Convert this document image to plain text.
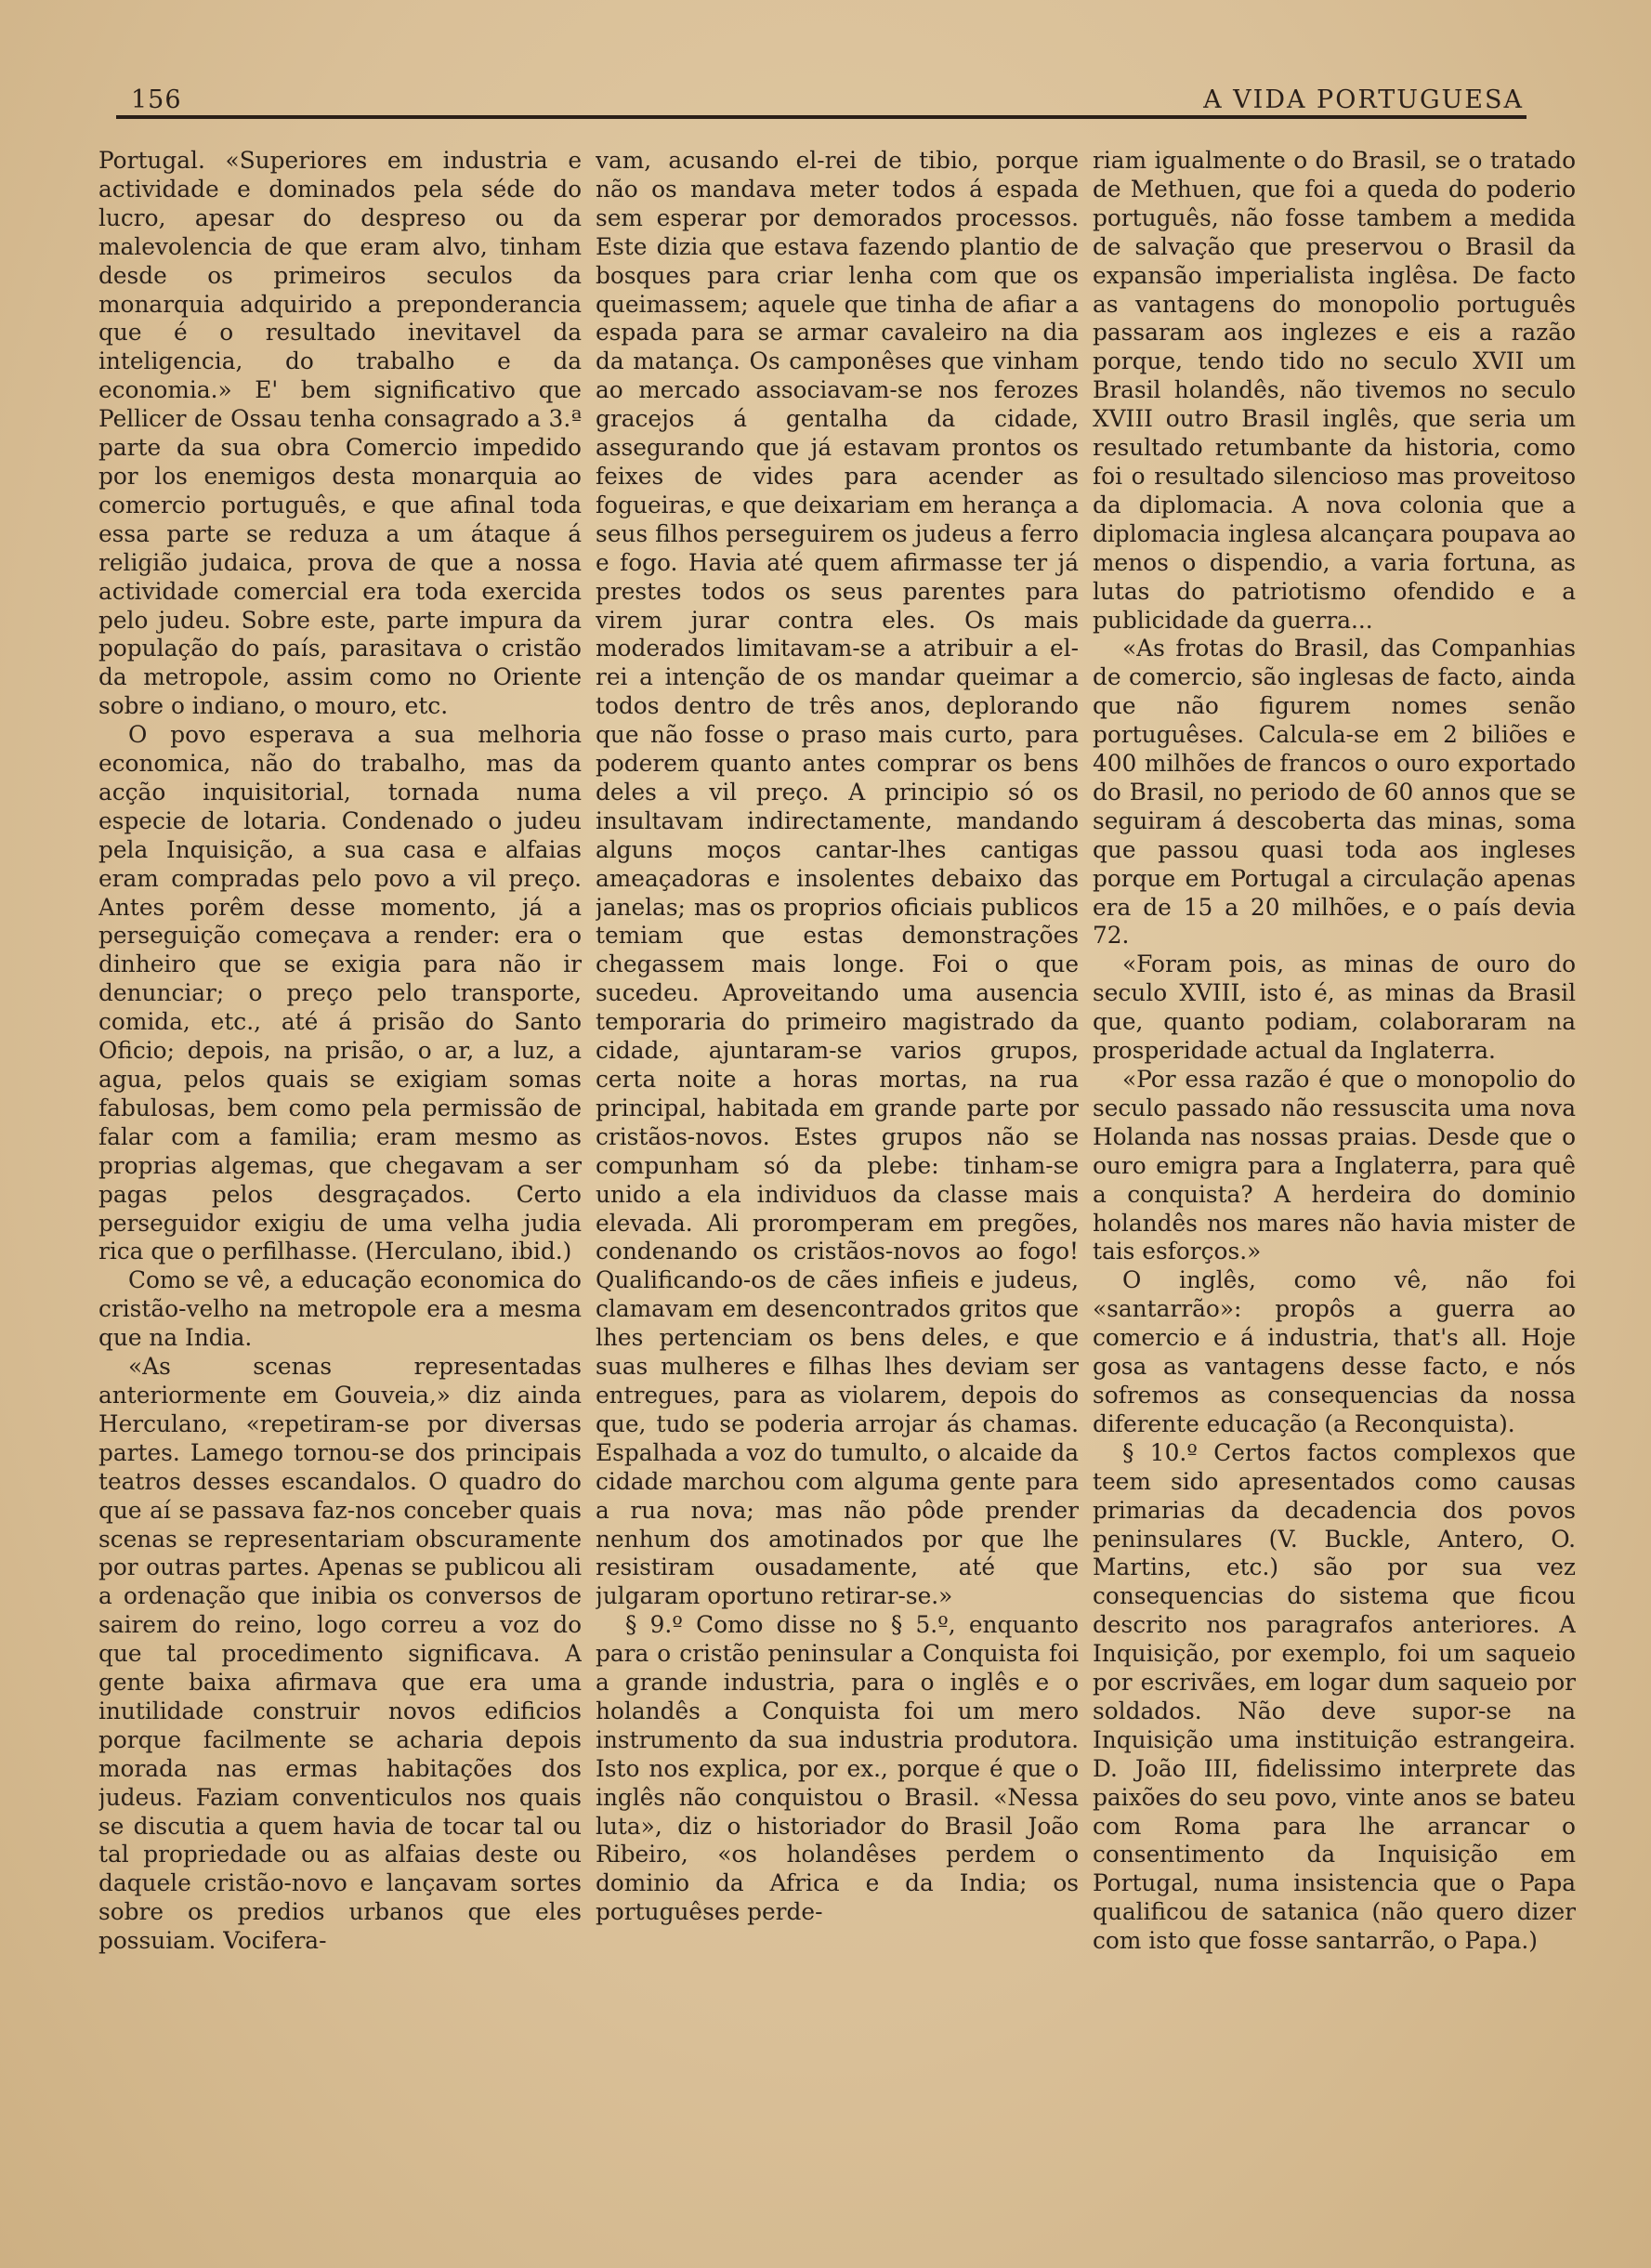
156	A VIDA PORTUGUESA

Portugal. «Superiores em industria e actividade e dominados pela séde do lucro, apesar do despreso ou da malevolencia de que eram alvo, tinham desde os primeiros seculos da monarquia adquirido a preponderancia que é o resultado inevitavel da inteligencia, do trabalho e da economia.» E' bem significativo que Pellicer de Ossau tenha consagrado a 3.ª parte da sua obra Comercio impedido por los enemigos desta monarquia ao comercio português, e que afinal toda essa parte se reduza a um átaque á religião judaica, prova de que a nossa actividade comercial era toda exercida pelo judeu. Sobre este, parte impura da população do país, parasitava o cristão da metropole, assim como no Oriente sobre o indiano, o mouro, etc.

O povo esperava a sua melhoria economica, não do trabalho, mas da acção inquisitorial, tornada numa especie de lotaria. Condenado o judeu pela Inquisição, a sua casa e alfaias eram compradas pelo povo a vil preço. Antes porêm desse momento, já a perseguição começava a render: era o dinheiro que se exigia para não ir denunciar; o preço pelo transporte, comida, etc., até á prisão do Santo Oficio; depois, na prisão, o ar, a luz, a agua, pelos quais se exigiam somas fabulosas, bem como pela permissão de falar com a familia; eram mesmo as proprias algemas, que chegavam a ser pagas pelos desgraçados. Certo perseguidor exigiu de uma velha judia rica que o perfilhasse. (Herculano, ibid.)

Como se vê, a educação economica do cristão-velho na metropole era a mesma que na India.

«As scenas representadas anteriormente em Gouveia,» diz ainda Herculano, «repetiram-se por diversas partes. Lamego tornou-se dos principais teatros desses escandalos. O quadro do que aí se passava faz-nos conceber quais scenas se representariam obscuramente por outras partes. Apenas se publicou ali a ordenação que inibia os conversos de sairem do reino, logo correu a voz do que tal procedimento significava. A gente baixa afirmava que era uma inutilidade construir novos edificios porque facilmente se acharia depois morada nas ermas habitações dos judeus. Faziam conventiculos nos quais se discutia a quem havia de tocar tal ou tal propriedade ou as alfaias deste ou daquele cristão-novo e lançavam sortes sobre os predios urbanos que eles possuiam. Vocifera-

vam, acusando el-rei de tibio, porque não os mandava meter todos á espada sem esperar por demorados processos. Este dizia que estava fazendo plantio de bosques para criar lenha com que os queimassem; aquele que tinha de afiar a espada para se armar cavaleiro na dia da matança. Os camponêses que vinham ao mercado associavam-se nos ferozes gracejos á gentalha da cidade, assegurando que já estavam prontos os feixes de vides para acender as fogueiras, e que deixariam em herança a seus filhos perseguirem os judeus a ferro e fogo. Havia até quem afirmasse ter já prestes todos os seus parentes para virem jurar contra eles. Os mais moderados limitavam-se a atribuir a el-rei a intenção de os mandar queimar a todos dentro de três anos, deplorando que não fosse o praso mais curto, para poderem quanto antes comprar os bens deles a vil preço. A principio só os insultavam indirectamente, mandando alguns moços cantar-lhes cantigas ameaçadoras e insolentes debaixo das janelas; mas os proprios oficiais publicos temiam que estas demonstrações chegassem mais longe. Foi o que sucedeu. Aproveitando uma ausencia temporaria do primeiro magistrado da cidade, ajuntaram-se varios grupos, certa noite a horas mortas, na rua principal, habitada em grande parte por cristãos-novos. Estes grupos não se compunham só da plebe: tinham-se unido a ela individuos da classe mais elevada. Ali proromperam em pregões, condenando os cristãos-novos ao fogo! Qualificando-os de cães infieis e judeus, clamavam em desencontrados gritos que lhes pertenciam os bens deles, e que suas mulheres e filhas lhes deviam ser entregues, para as violarem, depois do que, tudo se poderia arrojar ás chamas. Espalhada a voz do tumulto, o alcaide da cidade marchou com alguma gente para a rua nova; mas não pôde prender nenhum dos amotinados por que lhe resistiram ousadamente, até que julgaram oportuno retirar-se.»

§ 9.º Como disse no § 5.º, enquanto para o cristão peninsular a Conquista foi a grande industria, para o inglês e o holandês a Conquista foi um mero instrumento da sua industria produtora. Isto nos explica, por ex., porque é que o inglês não conquistou o Brasil. «Nessa luta», diz o historiador do Brasil João Ribeiro, «os holandêses perdem o dominio da Africa e da India; os portuguêses perde-

riam igualmente o do Brasil, se o tratado de Methuen, que foi a queda do poderio português, não fosse tambem a medida de salvação que preservou o Brasil da expansão imperialista inglêsa. De facto as vantagens do monopolio português passaram aos inglezes e eis a razão porque, tendo tido no seculo XVII um Brasil holandês, não tivemos no seculo XVIII outro Brasil inglês, que seria um resultado retumbante da historia, como foi o resultado silencioso mas proveitoso da diplomacia. A nova colonia que a diplomacia inglesa alcançara poupava ao menos o dispendio, a varia fortuna, as lutas do patriotismo ofendido e a publicidade da guerra...

«As frotas do Brasil, das Companhias de comercio, são inglesas de facto, ainda que não figurem nomes senão portuguêses. Calcula-se em 2 biliões e 400 milhões de francos o ouro exportado do Brasil, no periodo de 60 annos que se seguiram á descoberta das minas, soma que passou quasi toda aos ingleses porque em Portugal a circulação apenas era de 15 a 20 milhões, e o país devia 72.

«Foram pois, as minas de ouro do seculo XVIII, isto é, as minas da Brasil que, quanto podiam, colaboraram na prosperidade actual da Inglaterra.

«Por essa razão é que o monopolio do seculo passado não ressuscita uma nova Holanda nas nossas praias. Desde que o ouro emigra para a Inglaterra, para quê a conquista? A herdeira do dominio holandês nos mares não havia mister de tais esforços.»

O inglês, como vê, não foi «santarrão»: propôs a guerra ao comercio e á industria, that's all. Hoje gosa as vantagens desse facto, e nós sofremos as consequencias da nossa diferente educação (a Reconquista).

§ 10.º Certos factos complexos que teem sido apresentados como causas primarias da decadencia dos povos peninsulares (V. Buckle, Antero, O. Martins, etc.) são por sua vez consequencias do sistema que ficou descrito nos paragrafos anteriores. A Inquisição, por exemplo, foi um saqueio por escrivães, em logar dum saqueio por soldados. Não deve supor-se na Inquisição uma instituição estrangeira. D. João III, fidelissimo interprete das paixões do seu povo, vinte anos se bateu com Roma para lhe arrancar o consentimento da Inquisição em Portugal, numa insistencia que o Papa qualificou de satanica (não quero dizer com isto que fosse santarrão, o Papa.)
